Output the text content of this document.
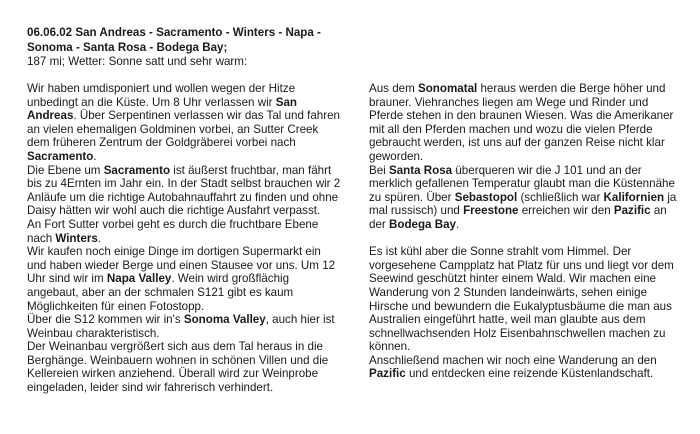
06.06.02 San Andreas - Sacramento - Winters - Napa - Sonoma - Santa Rosa - Bodega Bay;
187 mi; Wetter: Sonne satt und sehr warm:

Wir haben umdisponiert und wollen wegen der Hitze unbedingt an die Küste. Um 8 Uhr verlassen wir San Andreas. Über Serpentinen verlassen wir das Tal und fahren an vielen ehemaligen Goldminen vorbei, an Sutter Creek dem früheren Zentrum der Goldgräberei vorbei nach Sacramento.

Die Ebene um Sacramento ist äußerst fruchtbar, man fährt bis zu 4Ernten im Jahr ein. In der Stadt selbst brauchen wir 2 Anläufe um die richtige Autobahnauffahrt zu finden und ohne Daisy hätten wir wohl auch die richtige Ausfahrt verpasst.

An Fort Sutter vorbei geht es durch die fruchtbare Ebene nach Winters.

Wir kaufen noch einige Dinge im dortigen Supermarkt ein und haben wieder Berge und einen Stausee vor uns. Um 12 Uhr sind wir im Napa Valley. Wein wird großflächig angebaut, aber an der schmalen S121 gibt es kaum Möglichkeiten für einen Fotostopp.

Über die S12 kommen wir in's Sonoma Valley, auch hier ist Weinbau charakteristisch.

Der Weinanbau vergrößert sich aus dem Tal heraus in die Berghänge. Weinbauern wohnen in schönen Villen und die Kellereien wirken anziehend. Überall wird zur Weinprobe eingeladen, leider sind wir fahrerisch verhindert.

Aus dem Sonomatal heraus werden die Berge höher und brauner. Viehranches liegen am Wege und Rinder und Pferde stehen in den braunen Wiesen. Was die Amerikaner mit all den Pferden machen und wozu die vielen Pferde gebraucht werden, ist uns auf der ganzen Reise nicht klar geworden.

Bei Santa Rosa überqueren wir die J 101 und an der merklich gefallenen Temperatur glaubt man die Küstennähe zu spüren. Über Sebastopol (schließlich war Kalifornien ja mal russisch) und Freestone erreichen wir den Pazific an der Bodega Bay.

Es ist kühl aber die Sonne strahlt vom Himmel. Der vorgesehene Campplatz hat Platz für uns und liegt vor dem Seewind geschützt hinter einem Wald. Wir machen eine Wanderung von 2 Stunden landeinwärts, sehen einige Hirsche und bewundern die Eukalyptusbäume die man aus Australien eingeführt hatte, weil man glaubte aus dem schnellwachsenden Holz Eisenbahnschwellen machen zu können.

Anschließend machen wir noch eine Wanderung an den Pazific und entdecken eine reizende Küstenlandschaft.
